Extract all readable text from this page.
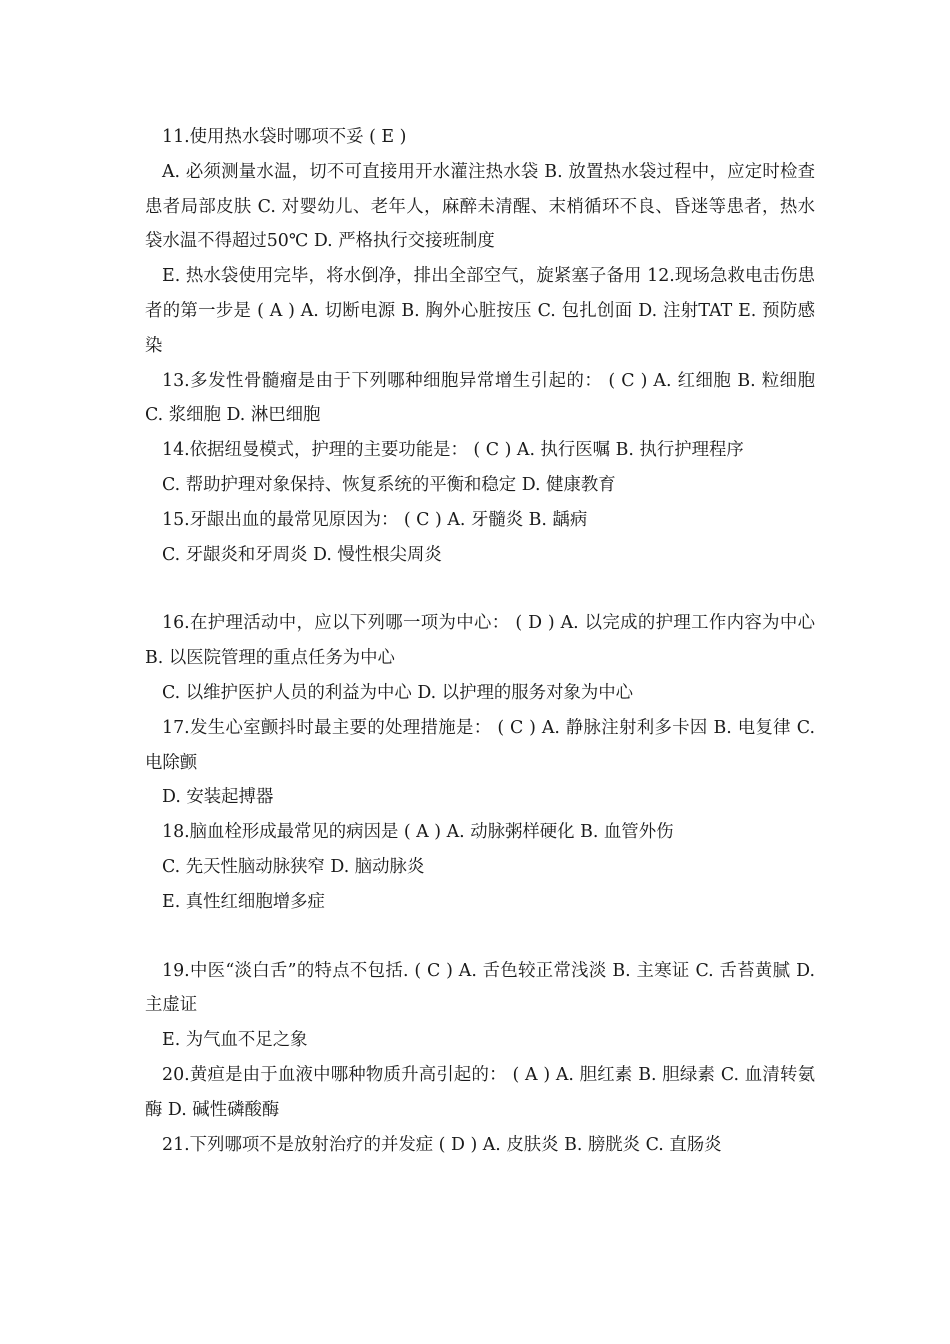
11.使用热水袋时哪项不妥 ( E )

A. 必须测量水温，切不可直接用开水灌注热水袋 B. 放置热水袋过程中，应定时检查患者局部皮肤 C. 对婴幼儿、老年人，麻醉未清醒、末梢循环不良、昏迷等患者，热水袋水温不得超过50℃ D. 严格执行交接班制度

E. 热水袋使用完毕，将水倒净，排出全部空气，旋紧塞子备用 12.现场急救电击伤患者的第一步是 ( A ) A. 切断电源 B. 胸外心脏按压 C. 包扎创面 D. 注射TAT E. 预防感染

13.多发性骨髓瘤是由于下列哪种细胞异常增生引起的： ( C ) A. 红细胞 B. 粒细胞 C. 浆细胞 D. 淋巴细胞

14.依据纽曼模式，护理的主要功能是： ( C ) A. 执行医嘱 B. 执行护理程序

C. 帮助护理对象保持、恢复系统的平衡和稳定 D. 健康教育

15.牙龈出血的最常见原因为： ( C ) A. 牙髓炎 B. 龋病

C. 牙龈炎和牙周炎 D. 慢性根尖周炎

16.在护理活动中，应以下列哪一项为中心： ( D ) A. 以完成的护理工作内容为中心 B. 以医院管理的重点任务为中心

C. 以维护医护人员的利益为中心 D. 以护理的服务对象为中心

17.发生心室颤抖时最主要的处理措施是： ( C ) A. 静脉注射利多卡因 B. 电复律 C. 电除颤

D. 安装起搏器

18.脑血栓形成最常见的病因是 ( A ) A. 动脉粥样硬化 B. 血管外伤

C. 先天性脑动脉狭窄 D. 脑动脉炎

E. 真性红细胞增多症

19.中医“淡白舌”的特点不包括. ( C ) A. 舌色较正常浅淡 B. 主寒证 C. 舌苔黄腻 D. 主虚证

E. 为气血不足之象

20.黄疸是由于血液中哪种物质升高引起的： ( A ) A. 胆红素 B. 胆绿素 C. 血清转氨酶 D. 碱性磷酸酶

21.下列哪项不是放射治疗的并发症 ( D ) A. 皮肤炎 B. 膀胱炎 C. 直肠炎
